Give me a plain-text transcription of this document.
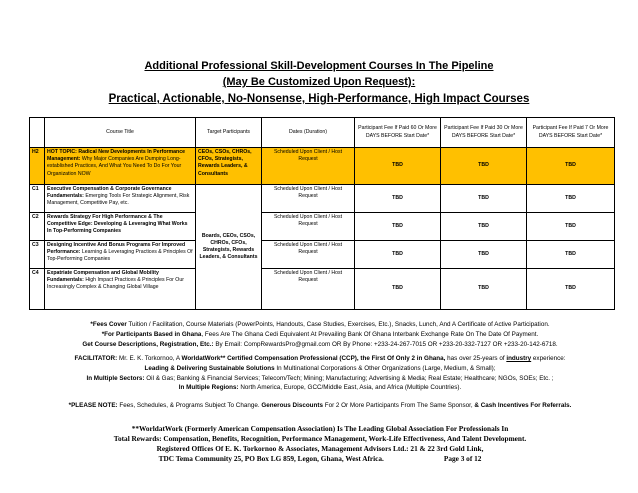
Additional Professional Skill-Development Courses In The Pipeline
(May Be Customized Upon Request):
Practical, Actionable, No-Nonsense, High-Performance, High Impact Courses
	Course Title	Target Participants	Dates (Duration)	Participant Fee If Paid 60 Or More DAYS BEFORE Start Date*	Participant Fee If Paid 30 Or More DAYS BEFORE Start Date*	Participant Fee If Paid 7 Or More DAYS BEFORE Start Date*
H2	HOT TOPIC: Radical New Developments In Performance Management: Why Major Companies Are Dumping Long-established Practices, And What You Need To Do For Your Organization NOW	CEOs, CSOs, CHROs, CFOs, Strategists, Rewards Leaders, & Consultants	Scheduled Upon Client / Host Request	TBD	TBD	TBD
C1	Executive Compensation & Corporate Governance Fundamentals: Emerging Tools For Strategic Alignment, Risk Management, Competitive Pay, etc.	Boards, CEOs, CSOs, CHROs, CFOs, Strategists, Rewards Leaders, & Consultants	Scheduled Upon Client / Host Request	TBD	TBD	TBD
C2	Rewards Strategy For High Performance & The Competitive Edge: Developing & Leveraging What Works In Top-Performing Companies		Scheduled Upon Client / Host Request	TBD	TBD	TBD
C3	Designing Incentive And Bonus Programs For Improved Performance: Learning & Leveraging Practices & Principles Of Top-Performing Companies		Scheduled Upon Client / Host Request	TBD	TBD	TBD
C4	Expatriate Compensation and Global Mobility Fundamentals: High Impact Practices & Principles For Our Increasingly Complex & Changing Global Village		Scheduled Upon Client / Host Request	TBD	TBD	TBD
*Fees Cover Tuition / Facilitation, Course Materials (PowerPoints, Handouts, Case Studies, Exercises, Etc.), Snacks, Lunch, And A Certificate of Active Participation.
*For Participants Based in Ghana, Fees Are The Ghana Cedi Equivalent At Prevailing Bank Of Ghana Interbank Exchange Rate On The Date Of Payment.
Get Course Descriptions, Registration, Etc.: By Email: CompRewardsPro@gmail.com OR By Phone: +233-24-267-7015 OR +233-20-332-7127 OR +233-20-142-6718.
FACILITATOR: Mr. E. K. Torkornoo, A WorldatWork** Certified Compensation Professional (CCP), the First Of Only 2 in Ghana, has over 25-years of industry experience:
Leading & Delivering Sustainable Solutions In Multinational Corporations & Other Organizations (Large, Medium, & Small);
In Multiple Sectors: Oil & Gas; Banking & Financial Services; Telecom/Tech; Mining; Manufacturing; Advertising & Media; Real Estate; Healthcare; NGOs, SOEs; Etc. ;
In Multiple Regions: North America, Europe, GCC/Middle East, Asia, and Africa (Multiple Countries).
*PLEASE NOTE: Fees, Schedules, & Programs Subject To Change. Generous Discounts For 2 Or More Participants From The Same Sponsor, & Cash Incentives For Referrals.
**WorldatWork (Formerly American Compensation Association) Is The Leading Global Association For Professionals In
Total Rewards: Compensation, Benefits, Recognition, Performance Management, Work-Life Effectiveness, And Talent Development.
Registered Offices Of E. K. Torkornoo & Associates, Management Advisors Ltd.: 21 & 22 3rd Gold Link,
TDC Tema Community 25, PO Box LG 859, Legon, Ghana, West Africa.	Page 3 of 12
